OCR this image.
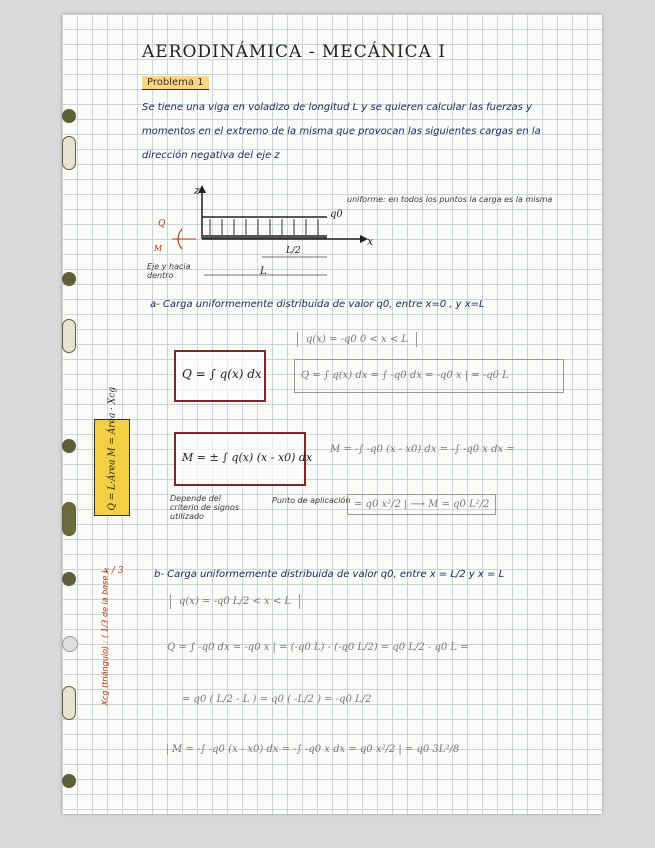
AERODINÁMICA - MECÁNICA I
Problema 1
Se tiene una viga en voladizo de longitud L y se quieren calcular las fuerzas y
momentos en el extremo de la misma que provocan las siguientes cargas en la
dirección negativa del eje z
z
x
q0
Q
M	L/2
L
uniforme: en todos los puntos la carga es la misma
Eje y hacia dentro
a- Carga uniformemente distribuida de valor q0, entre x=0 , y x=L
q(x) = -q0 0 < x < L
Q = ∫ q(x) dx	Q = ∫ q(x) dx = ∫ -q0 dx = -q0 x | = -q0 L
M = ± ∫ q(x) (x - x0) dx
M = -∫ -q0 (x - x0) dx = -∫ -q0 x dx =
= q0 x²/2 | ⟶ M = q0 L²/2
Depende del criterio de signos utilizado
Punto de aplicación
Q = L·Área M = Área · Xcg
x / 3
Xcg (triángulo) : ( 1/3 de la base )	b- Carga uniformemente distribuida de valor q0, entre x = L/2 y x = L
q(x) = -q0 L/2 < x < L
Q = ∫ -q0 dx = -q0 x | = (-q0 L) - (-q0 L/2) = q0 L/2 - q0 L =
= q0 ( L/2 - L ) = q0 ( -L/2 ) = -q0 L/2
M = -∫ -q0 (x - x0) dx = -∫ -q0 x dx = q0 x²/2 | = q0 3L²/8
